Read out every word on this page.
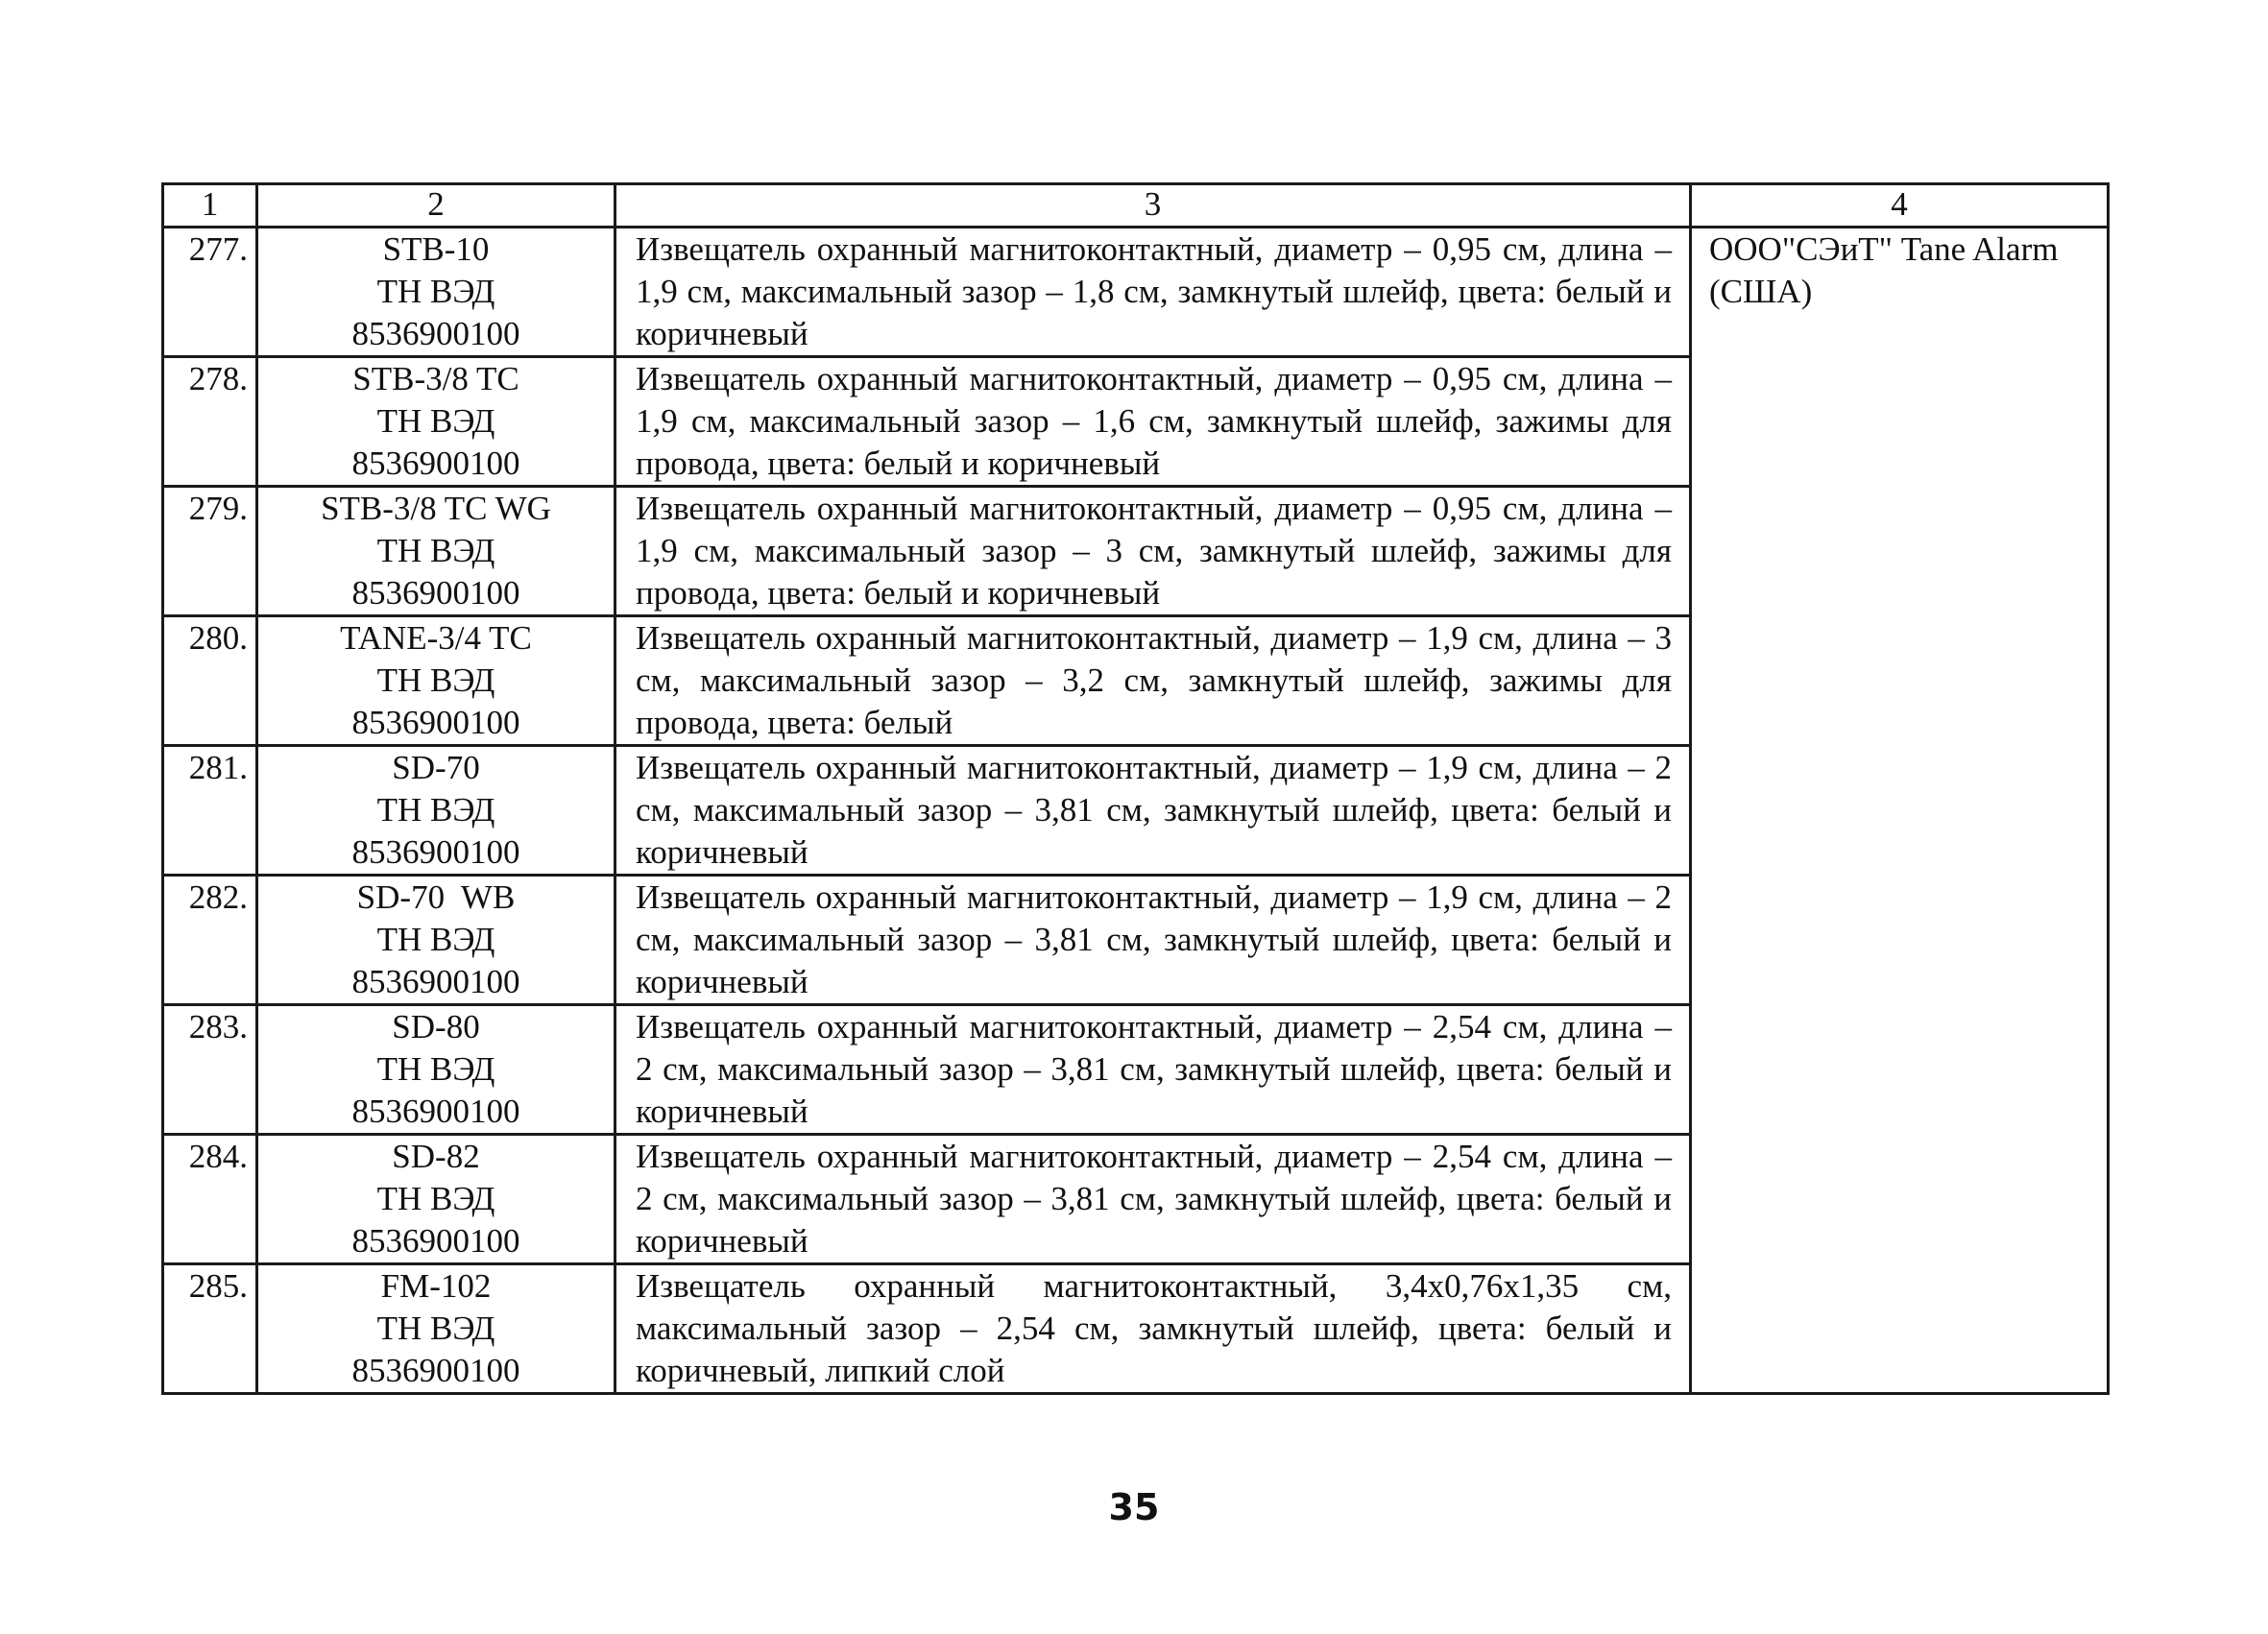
1	2	3	4
277.	STB-10
ТН ВЭД
8536900100	Извещатель охранный магнитоконтактный, диаметр – 0,95 см, длина – 1,9 см, максимальный зазор – 1,8 см, замкнутый шлейф, цвета: белый и коричневый	ООО"СЭиТ" Tane Alarm (США)
278.	STB-3/8 TC
ТН ВЭД
8536900100	Извещатель охранный магнитоконтактный, диаметр – 0,95 см, длина – 1,9 см, максимальный зазор – 1,6 см, замкнутый шлейф, зажимы для провода, цвета: белый и коричневый	
279.	STB-3/8 TC WG
ТН ВЭД
8536900100	Извещатель охранный магнитоконтактный, диаметр – 0,95 см, длина – 1,9 см, максимальный зазор – 3 см, замкнутый шлейф, зажимы для провода, цвета: белый и коричневый	
280.	TANE-3/4 TC
ТН ВЭД
8536900100	Извещатель охранный магнитоконтактный, диаметр – 1,9 см, длина – 3 см, максимальный зазор – 3,2 см, замкнутый шлейф, зажимы для провода, цвета: белый	
281.	SD-70
ТН ВЭД
8536900100	Извещатель охранный магнитоконтактный, диаметр – 1,9 см, длина – 2 см, максимальный зазор – 3,81 см, замкнутый шлейф, цвета: белый и коричневый	
282.	SD-70  WB
ТН ВЭД
8536900100	Извещатель охранный магнитоконтактный, диаметр – 1,9 см, длина – 2 см, максимальный зазор – 3,81 см, замкнутый шлейф, цвета: белый и коричневый	
283.	SD-80
ТН ВЭД
8536900100	Извещатель охранный магнитоконтактный, диаметр – 2,54 см, длина – 2 см, максимальный зазор – 3,81 см, замкнутый шлейф, цвета: белый и коричневый	
284.	SD-82
ТН ВЭД
8536900100	Извещатель охранный магнитоконтактный, диаметр – 2,54 см, длина – 2 см, максимальный зазор – 3,81 см, замкнутый шлейф, цвета: белый и коричневый	
285.	FM-102
ТН ВЭД
8536900100	Извещатель охранный магнитоконтактный, 3,4x0,76x1,35 см, максимальный зазор – 2,54 см, замкнутый шлейф, цвета: белый и коричневый, липкий слой	
35
